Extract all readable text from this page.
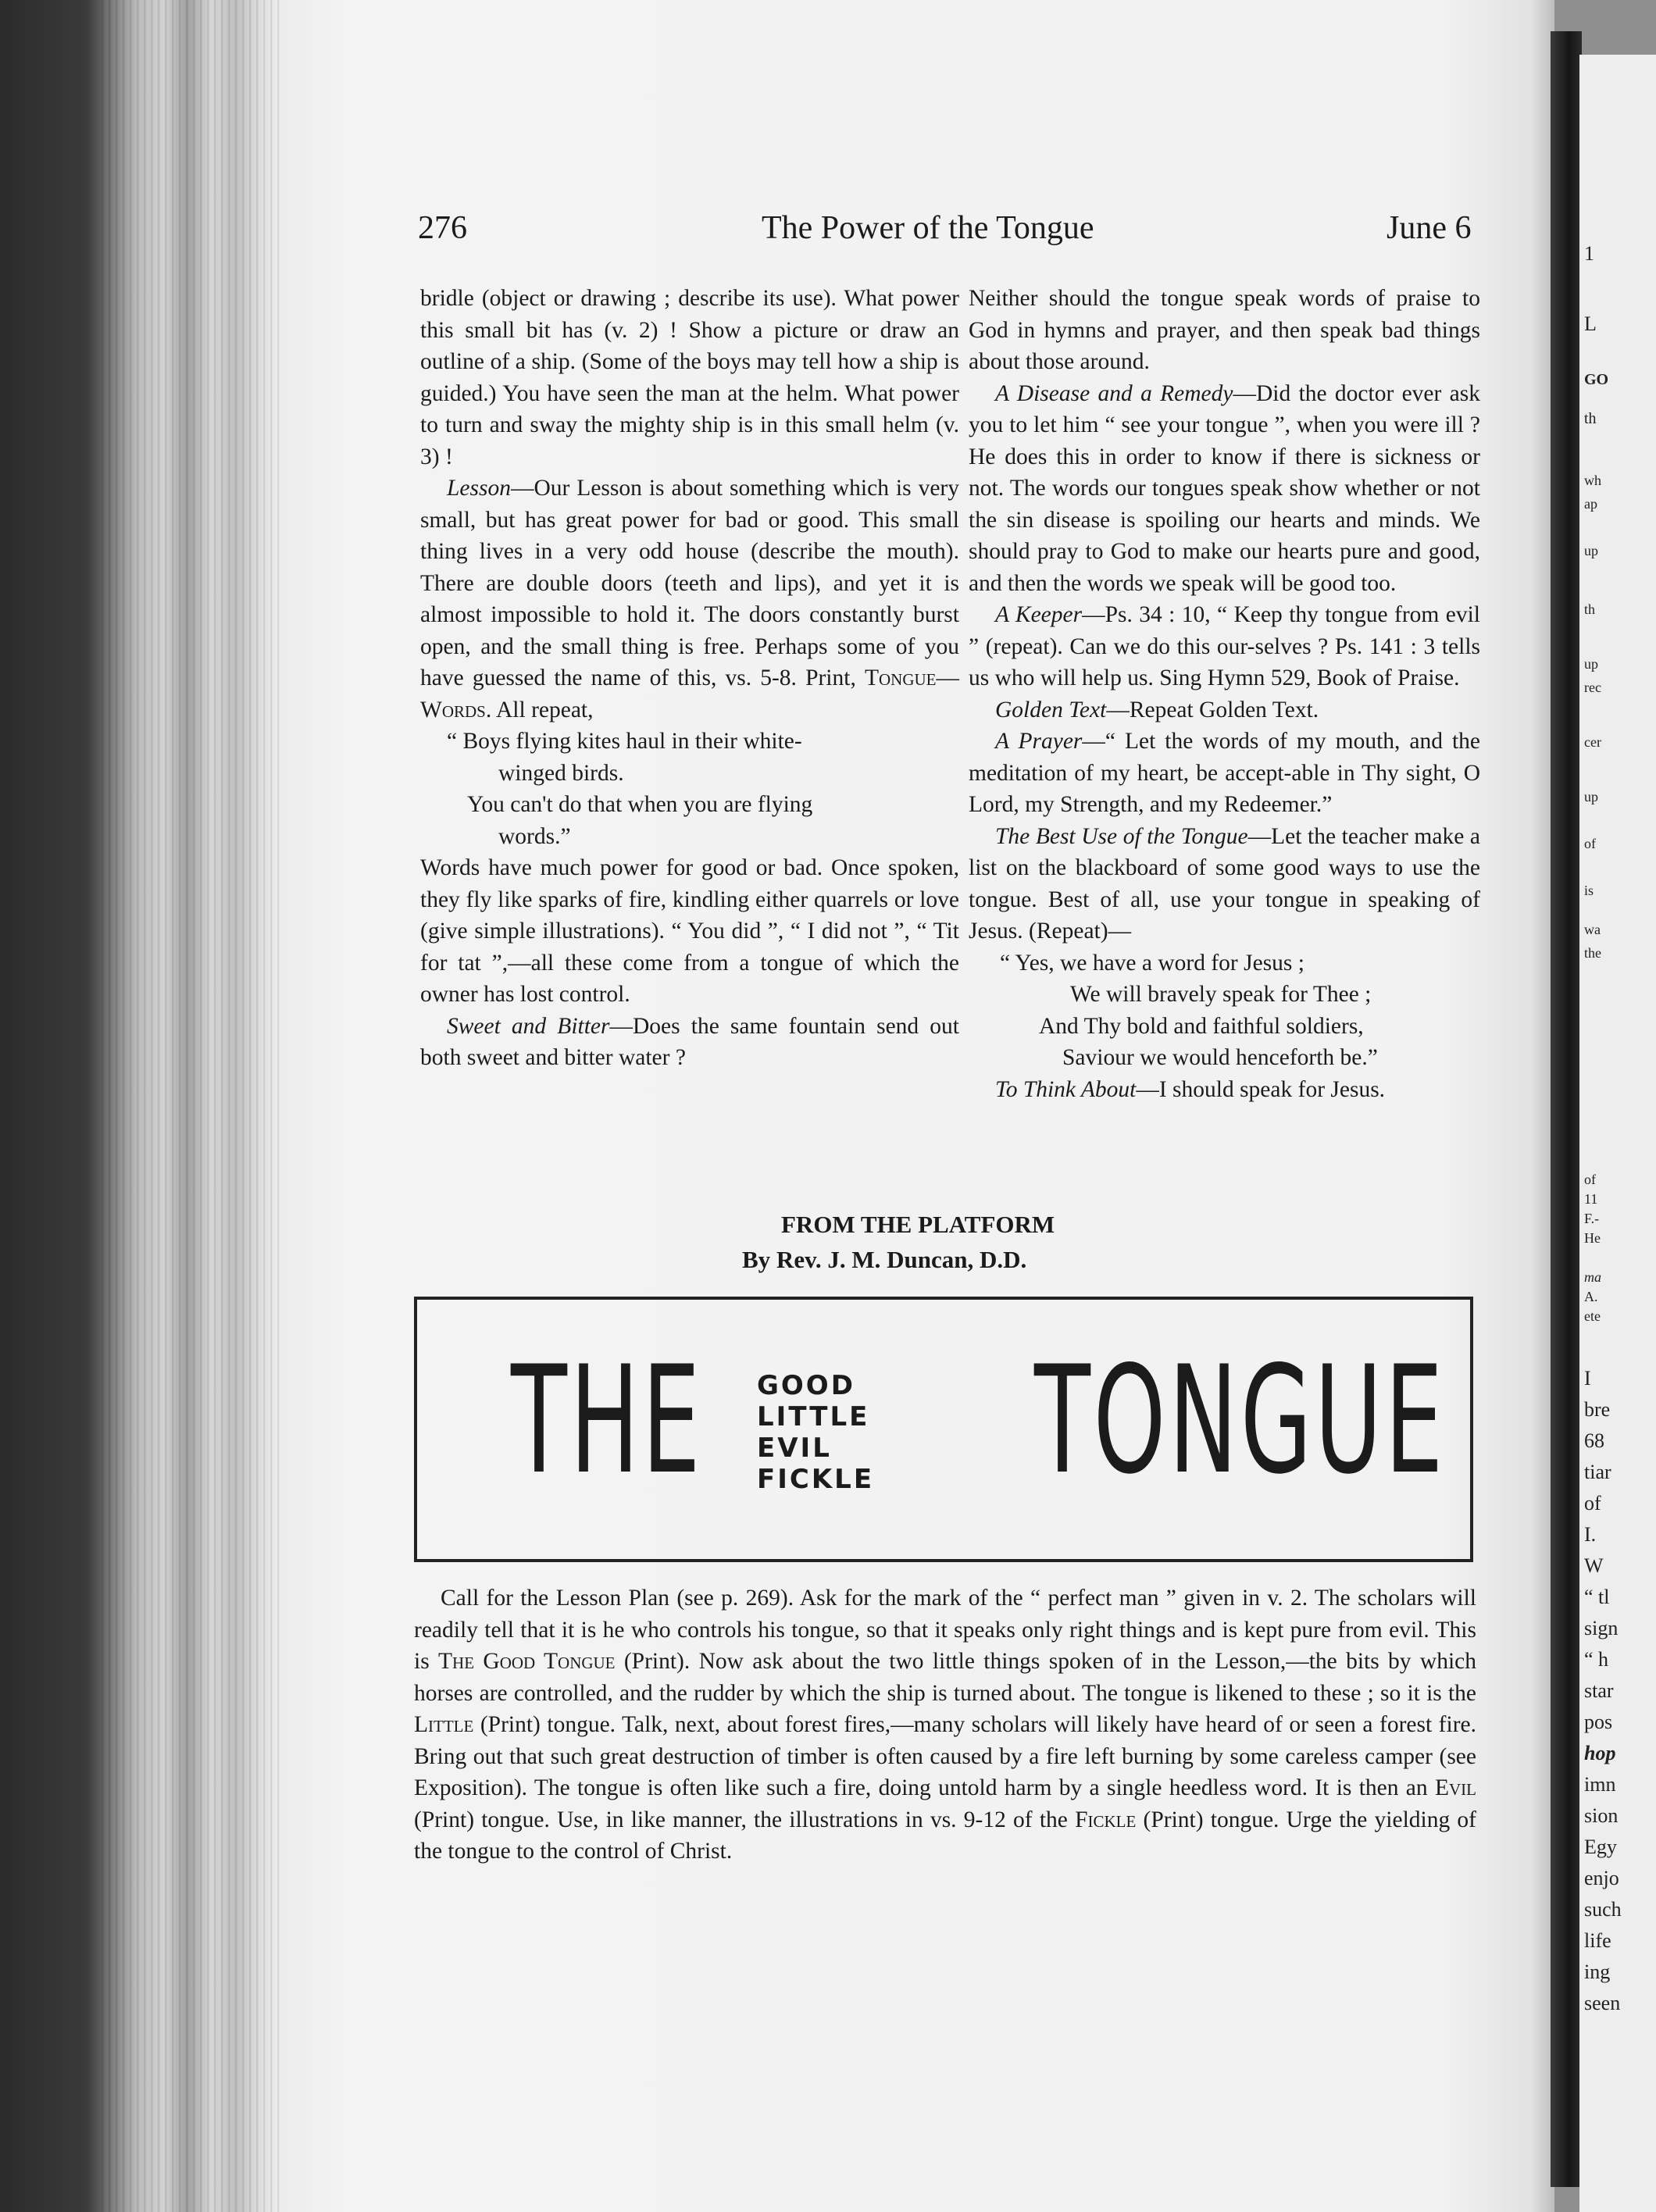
1
L
GO
th
wh
ap
up
th
up
rec
cer
up
of
is
wa
the
of
11
F.-
He
ma
A.
ete
I
bre
68
tiar
of
I.
W
“ tl
sign
“ h
star
pos
hop
imn
sion
Egy
enjo
such
life
ing
seen
276	The Power of the Tongue	June 6

bridle (object or drawing ; describe its use). What power this small bit has (v. 2) ! Show a picture or draw an outline of a ship. (Some of the boys may tell how a ship is guided.) You have seen the man at the helm. What power to turn and sway the mighty ship is in this small helm (v. 3) !

Lesson—Our Lesson is about something which is very small, but has great power for bad or good. This small thing lives in a very odd house (describe the mouth). There are double doors (teeth and lips), and yet it is almost impossible to hold it. The doors constantly burst open, and the small thing is free. Perhaps some of you have guessed the name of this, vs. 5-8. Print, Tongue—Words. All repeat,

“ Boys flying kites haul in their white-

winged birds.

You can't do that when you are flying

words.”

Words have much power for good or bad. Once spoken, they fly like sparks of fire, kindling either quarrels or love (give simple illustrations). “ You did ”, “ I did not ”, “ Tit for tat ”,—all these come from a tongue of which the owner has lost control.

Sweet and Bitter—Does the same fountain send out both sweet and bitter water ?

Neither should the tongue speak words of praise to God in hymns and prayer, and then speak bad things about those around.

A Disease and a Remedy—Did the doctor ever ask you to let him “ see your tongue ”, when you were ill ? He does this in order to know if there is sickness or not. The words our tongues speak show whether or not the sin disease is spoiling our hearts and minds. We should pray to God to make our hearts pure and good, and then the words we speak will be good too.

A Keeper—Ps. 34 : 10, “ Keep thy tongue from evil ” (repeat). Can we do this our-selves ? Ps. 141 : 3 tells us who will help us. Sing Hymn 529, Book of Praise.

Golden Text—Repeat Golden Text.

A Prayer—“ Let the words of my mouth, and the meditation of my heart, be accept-able in Thy sight, O Lord, my Strength, and my Redeemer.”

The Best Use of the Tongue—Let the teacher make a list on the blackboard of some good ways to use the tongue. Best of all, use your tongue in speaking of Jesus. (Repeat)—

“ Yes, we have a word for Jesus ;

We will bravely speak for Thee ;

And Thy bold and faithful soldiers,

Saviour we would henceforth be.”

To Think About—I should speak for Jesus.

FROM THE PLATFORM
By Rev. J. M. Duncan, D.D.
THE GOOD
LITTLE
EVIL
FICKLE TONGUE

Call for the Lesson Plan (see p. 269). Ask for the mark of the “ perfect man ” given in v. 2. The scholars will readily tell that it is he who controls his tongue, so that it speaks only right things and is kept pure from evil. This is The Good Tongue (Print). Now ask about the two little things spoken of in the Lesson,—the bits by which horses are controlled, and the rudder by which the ship is turned about. The tongue is likened to these ; so it is the Little (Print) tongue. Talk, next, about forest fires,—many scholars will likely have heard of or seen a forest fire. Bring out that such great destruction of timber is often caused by a fire left burning by some careless camper (see Exposition). The tongue is often like such a fire, doing untold harm by a single heedless word. It is then an Evil (Print) tongue. Use, in like manner, the illustrations in vs. 9-12 of the Fickle (Print) tongue. Urge the yielding of the tongue to the control of Christ.
